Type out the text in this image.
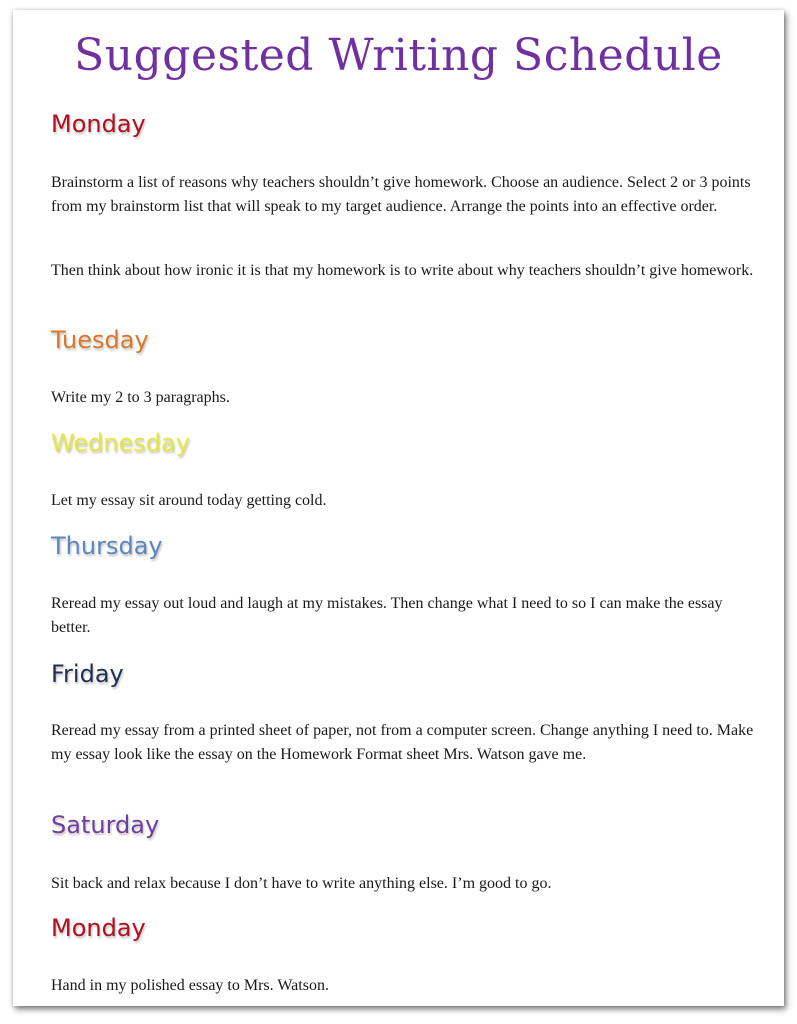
Suggested Writing Schedule
Monday

Brainstorm a list of reasons why teachers shouldn’t give homework. Choose an audience. Select 2 or 3 points from my brainstorm list that will speak to my target audience. Arrange the points into an effective order.

Then think about how ironic it is that my homework is to write about why teachers shouldn’t give homework.

Tuesday

Write my 2 to 3 paragraphs.

Wednesday

Let my essay sit around today getting cold.

Thursday

Reread my essay out loud and laugh at my mistakes. Then change what I need to so I can make the essay better.

Friday

Reread my essay from a printed sheet of paper, not from a computer screen. Change anything I need to. Make my essay look like the essay on the Homework Format sheet Mrs. Watson gave me.

Saturday

Sit back and relax because I don’t have to write anything else. I’m good to go.

Monday

Hand in my polished essay to Mrs. Watson.
